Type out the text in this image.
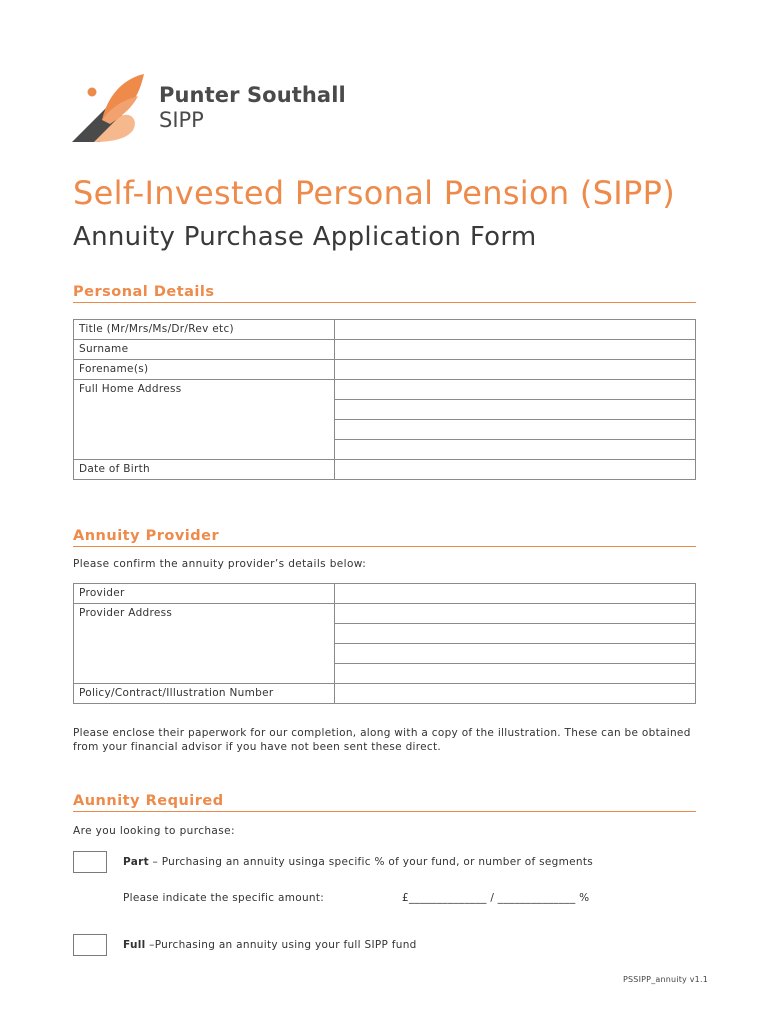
Punter Southall
SIPP
Self-Invested Personal Pension (SIPP)
Annuity Purchase Application Form
Personal Details
Title (Mr/Mrs/Ms/Dr/Rev etc)	
Surname	
Forename(s)	
Full Home Address	

Date of Birth	
Annuity Provider
Please confirm the annuity provider’s details below:
Provider	
Provider Address	

Policy/Contract/Illustration Number	
Please enclose their paperwork for our completion, along with a copy of the illustration. These can be obtained from your financial advisor if you have not been sent these direct.
Aunnity Required
Are you looking to purchase:
Part – Purchasing an annuity usinga specific % of your fund, or number of segments
Please indicate the specific amount:	£______________ / ______________ %
Full –Purchasing an annuity using your full SIPP fund
PSSIPP_annuity v1.1
